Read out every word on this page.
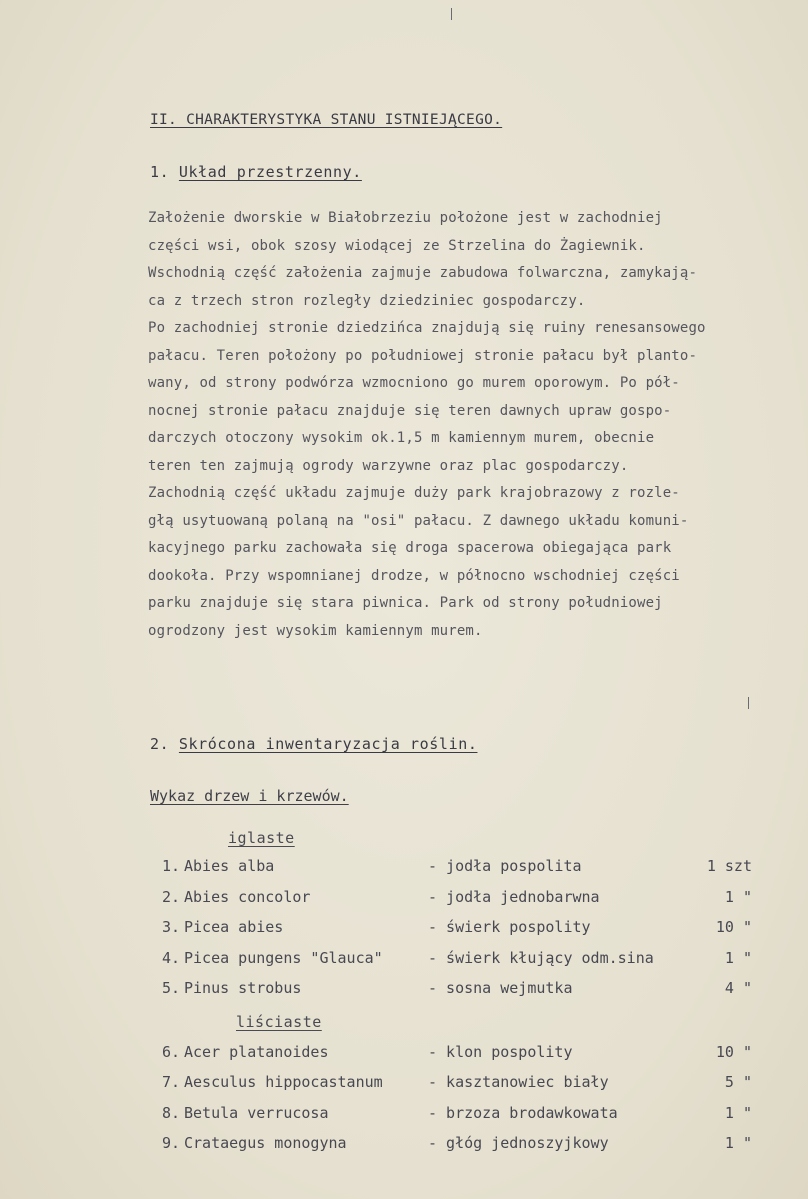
II. CHARAKTERYSTYKA STANU ISTNIEJĄCEGO.
1. Układ przestrzenny.
Założenie dworskie w Białobrzeziu położone jest w zachodniej
części wsi, obok szosy wiodącej ze Strzelina do Żagiewnik.
Wschodnią część założenia zajmuje zabudowa folwarczna, zamykają-
ca z trzech stron rozległy dziedziniec gospodarczy.
Po zachodniej stronie dziedzińca znajdują się ruiny renesansowego
pałacu. Teren położony po południowej stronie pałacu był planto-
wany, od strony podwórza wzmocniono go murem oporowym. Po pół-
nocnej stronie pałacu znajduje się teren dawnych upraw gospo-
darczych otoczony wysokim ok.1,5 m kamiennym murem, obecnie
teren ten zajmują ogrody warzywne oraz plac gospodarczy.
Zachodnią część układu zajmuje duży park krajobrazowy z rozle-
głą usytuowaną polaną na "osi" pałacu. Z dawnego układu komuni-
kacyjnego parku zachowała się droga spacerowa obiegająca park
dookoła. Przy wspomnianej drodze, w północno wschodniej części
parku znajduje się stara piwnica. Park od strony południowej
ogrodzony jest wysokim kamiennym murem.
2. Skrócona inwentaryzacja roślin.
Wykaz drzew i krzewów.
iglaste
1. Abies alba	- jodła pospolita	1 szt
2. Abies concolor	- jodła jednobarwna	1 "
3. Picea abies	- świerk pospolity	10 "
4. Picea pungens "Glauca"	- świerk kłujący odm.sina	1 "
5. Pinus strobus	- sosna wejmutka	4 "
liściaste
6. Acer platanoides	- klon pospolity	10 "
7. Aesculus hippocastanum	- kasztanowiec biały	5 "
8. Betula verrucosa	- brzoza brodawkowata	1 "
9. Crataegus monogyna	- głóg jednoszyjkowy	1 "
